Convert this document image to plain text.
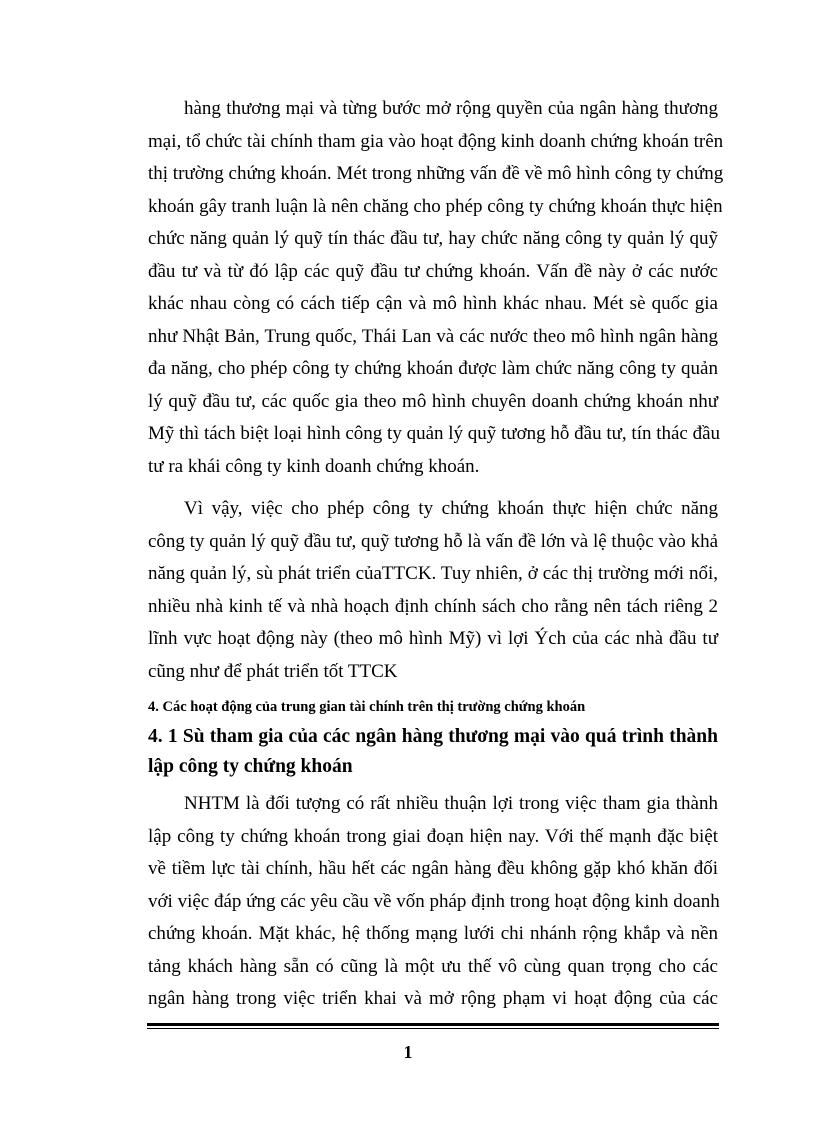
hàng thương mại và từng bước mở rộng quyền của ngân hàng thương
mại, tổ chức tài chính tham gia vào hoạt động kinh doanh chứng khoán trên
thị trường chứng khoán. Mét trong những vấn đề về mô hình công ty chứng
khoán gây tranh luận là nên chăng cho phép công ty chứng khoán thực hiện
chức năng quản lý quỹ tín thác đầu tư, hay chức năng công ty quản lý quỹ
đầu tư và từ đó lập các quỹ đầu tư chứng khoán. Vấn đề này ở các nước
khác nhau còng có cách tiếp cận và mô hình khác nhau. Mét sè quốc gia
như Nhật Bản, Trung quốc, Thái Lan và các nước theo mô hình ngân hàng
đa năng, cho phép công ty chứng khoán được làm chức năng công ty quản
lý quỹ đầu tư, các quốc gia theo mô hình chuyên doanh chứng khoán như
Mỹ thì tách biệt loại hình công ty quản lý quỹ tương hỗ đầu tư, tín thác đầu
tư ra khái công ty kinh doanh chứng khoán.
Vì vậy, việc cho phép công ty chứng khoán thực hiện chức năng
công ty quản lý quỹ đầu tư, quỹ tương hỗ là vấn đề lớn và lệ thuộc vào khả
năng quản lý, sù phát triển củaTTCK. Tuy nhiên, ở các thị trường mới nổi,
nhiều nhà kinh tế và nhà hoạch định chính sách cho rằng nên tách riêng 2
lĩnh vực hoạt động này (theo mô hình Mỹ) vì lợi Ých của các nhà đầu tư
cũng như để phát triển tốt TTCK
4. Các hoạt động của trung gian tài chính trên thị trường chứng khoán
4. 1 Sù tham gia của các ngân hàng thương mại vào quá trình thành
lập công ty chứng khoán
NHTM là đối tượng có rất nhiều thuận lợi trong việc tham gia thành
lập công ty chứng khoán trong giai đoạn hiện nay. Với thế mạnh đặc biệt
về tiềm lực tài chính, hầu hết các ngân hàng đều không gặp khó khăn đối
với việc đáp ứng các yêu cầu về vốn pháp định trong hoạt động kinh doanh
chứng khoán. Mặt khác, hệ thống mạng lưới chi nhánh rộng khắp và nền
tảng khách hàng sẵn có cũng là một ưu thế vô cùng quan trọng cho các
ngân hàng trong việc triển khai và mở rộng phạm vi hoạt động của các
1
